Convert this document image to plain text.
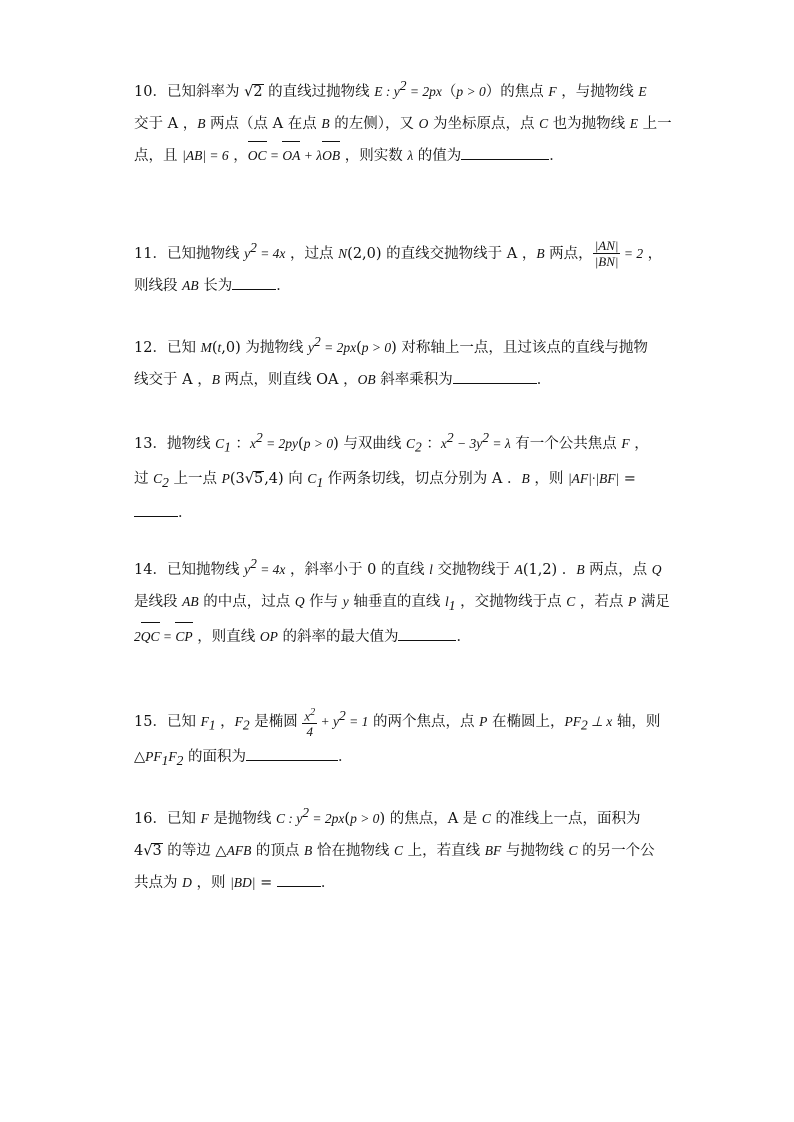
10．已知斜率为 √2 的直线过抛物线 E : $y^2 = 2px(p > 0)$的焦点 F ，与抛物线 E
交于 A ，B 两点（点 A 在点 B 的左侧），又 O 为坐标原点，点 C 也为抛物线 E 上一
点，且 |AB| = 6 ，OC = OA + λOB ，则实数 λ 的值为	．
11．已知抛物线 $y^2 = 4x$ ，过点 N(2,0) 的直线交抛物线于 A ，B 两点， $\frac{|AN|}{|BN|} = 2$ ，
则线段 AB 长为	．
12．已知 M(t,0) 为抛物线 $y^2 = 2px(p > 0)$ 对称轴上一点，且过该点的直线与抛物
线交于 A ，B 两点，则直线 OA ，OB 斜率乘积为	．
13．抛物线 $C_1$ ：$x^2 = 2py(p > 0)$ 与双曲线 $C_2$ ：$x^2 - 3y^2 = \lambda$ 有一个公共焦点 F ，
过 $C_2$ 上一点 P(3√5,4) 向 $C_1$ 作两条切线，切点分别为 A ．B ，则 |AF|·|BF| =
．
14．已知抛物线 $y^2 = 4x$ ，斜率小于 0 的直线 l 交抛物线于 A(1,2) ．B 两点，点 Q
是线段 AB 的中点，过点 Q 作与 y 轴垂直的直线 $l_1$ ，交抛物线于点 C ，若点 P 满足
2QC = CP ，则直线 OP 的斜率的最大值为	．
15．已知 $F_1$ ，$F_2$ 是椭圆 $\frac{x^2}{4} + y^2 = 1$ 的两个焦点，点 P 在椭圆上，$PF_2$ ⊥ x 轴，则
$\triangle PF_1F_2$ 的面积为	．
16．已知 F 是抛物线 C : $y^2 = 2px(p > 0)$ 的焦点，A 是 C 的准线上一点，面积为
4√3 的等边 △AFB 的顶点 B 恰在抛物线 C 上，若直线 BF 与抛物线 C 的另一个公
共点为 D ，则 |BD| =	．
